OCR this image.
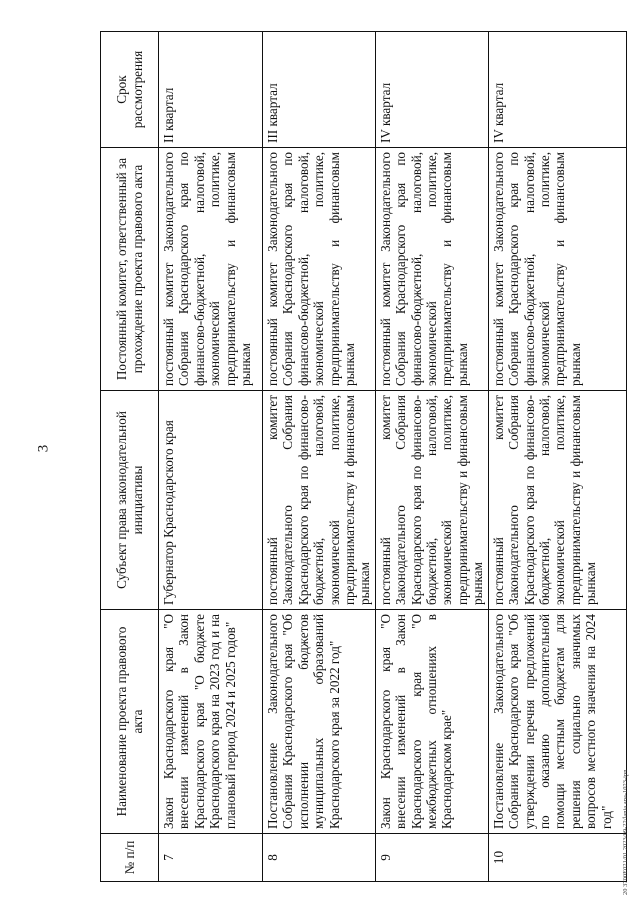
3
№ п/п	Наименование проекта правового акта	Субъект права законодательной инициативы	Постоянный комитет, ответственный за прохождение проекта правового акта	Срок рассмотрения
7	Закон Краснодарского края "О внесении изменений в Закон Краснодарского края "О бюджете Краснодарского края на 2023 год и на плановый период 2024 и 2025 годов"	Губернатор Краснодарского края	постоянный комитет Законодательного Собрания Краснодарского края по финансово-бюджетной, налоговой, экономической политике, предпринимательству и финансовым рынкам	II квартал
8	Постановление Законодательного Собрания Краснодарского края "Об исполнении бюджетов муниципальных образований Краснодарского края за 2022 год"	постоянный комитет Законодательного Собрания Краснодарского края по финансово-бюджетной, налоговой, экономической политике, предпринимательству и финансовым рынкам	постоянный комитет Законодательного Собрания Краснодарского края по финансово-бюджетной, налоговой, экономической политике, предпринимательству и финансовым рынкам	III квартал
9	Закон Краснодарского края "О внесении изменений в Закон Краснодарского края "О межбюджетных отношениях в Краснодарском крае"	постоянный комитет Законодательного Собрания Краснодарского края по финансово-бюджетной, налоговой, экономической политике, предпринимательству и финансовым рынкам	постоянный комитет Законодательного Собрания Краснодарского края по финансово-бюджетной, налоговой, экономической политике, предпринимательству и финансовым рынкам	IV квартал
10	Постановление Законодательного Собрания Краснодарского края "Об утверждении перечня предложений по оказанию дополнительной помощи местным бюджетам для решения социально значимых вопросов местного значения на 2024 год"	постоянный комитет Законодательного Собрания Краснодарского края по финансово-бюджетной, налоговой, экономической политике, предпринимательству и финансовым рынкам	постоянный комитет Законодательного Собрания Краснодарского края по финансово-бюджетной, налоговой, экономической политике, предпринимательству и финансовым рынкам	IV квартал
20 3700E021/01 2023/09-22/lania ana-1023-ipn
